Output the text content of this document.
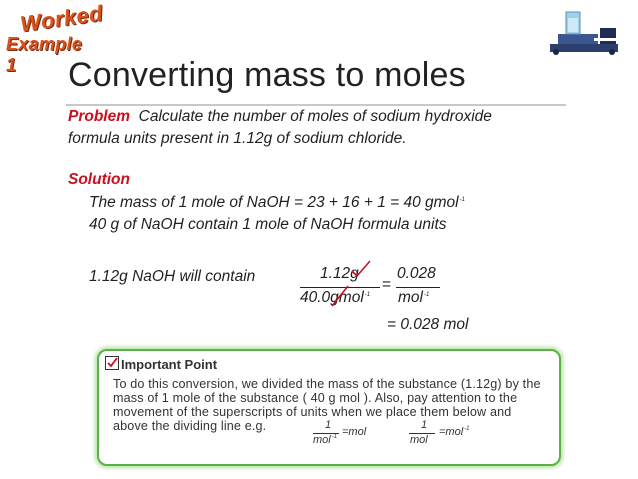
Worked
Example 1	Converting mass to moles
Problem Calculate the number of moles of sodium hydroxide
formula units present in 1.12g of sodium chloride.
Solution
The mass of 1 mole of NaOH = 23 + 16 + 1 = 40 gmol$^{-1}$
40 g of NaOH contain 1 mole of NaOH formula units
1.12g NaOH will contain	1.12g
40.0gmol$^{-1}$
=
0.028
mol$^{-1}$
= 0.028 mol
Important Point
To do this conversion, we divided the mass of the substance (1.12g) by the
mass of 1 mole of the substance ( 40 g mol ). Also, pay attention to the
movement of the superscripts of units when we place them below and
above the dividing line e.g.	1
mol$^{-1}$ =mol
1
mol
=mol$^{-1}$
